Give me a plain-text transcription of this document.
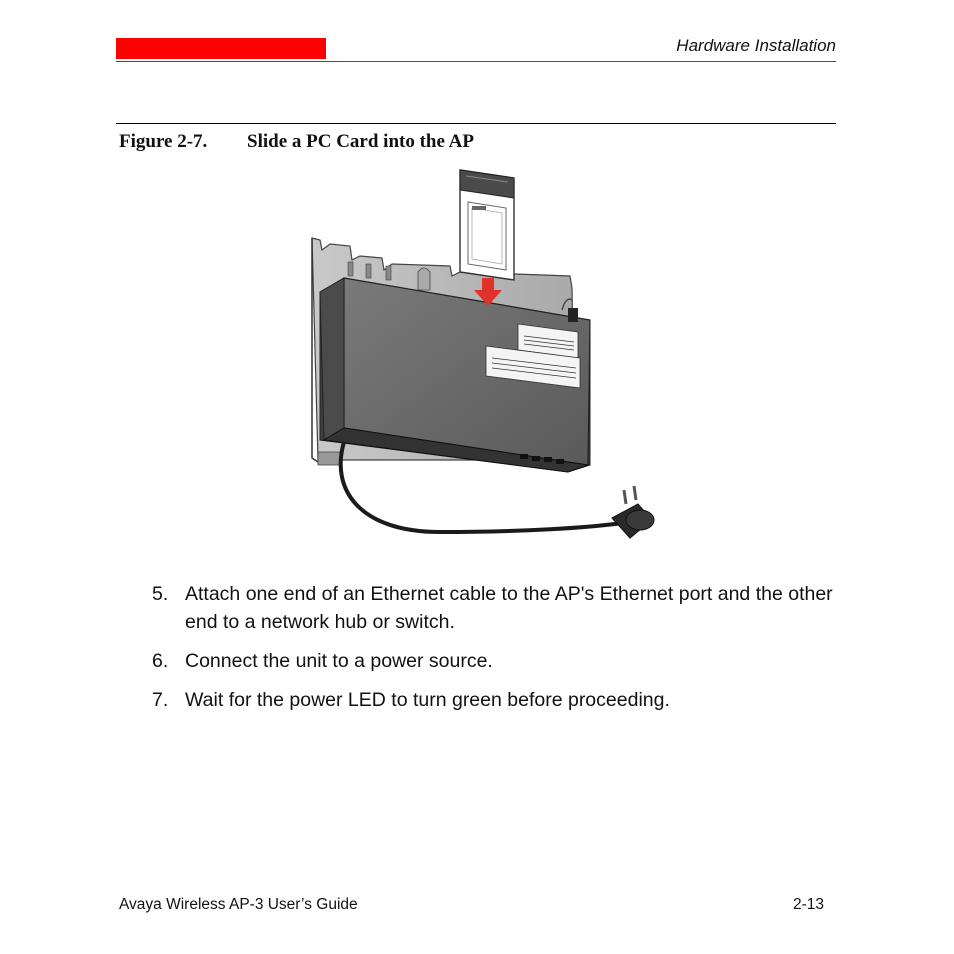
Hardware Installation
Figure 2-7. Slide a PC Card into the AP
5. Attach one end of an Ethernet cable to the AP's Ethernet port and the other end to a network hub or switch.
6. Connect the unit to a power source.
7. Wait for the power LED to turn green before proceeding.
Avaya Wireless AP-3 User’s Guide	2-13
